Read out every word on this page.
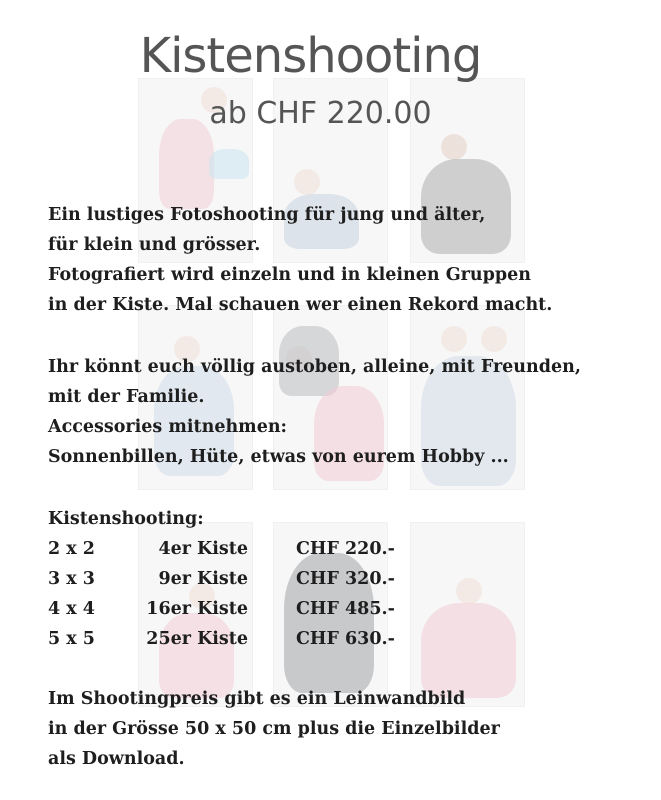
Kistenshooting
ab CHF 220.00
Ein lustiges Fotoshooting für jung und älter,
für klein und grösser.
Fotografiert wird einzeln und in kleinen Gruppen
in der Kiste. Mal schauen wer einen Rekord macht.
Ihr könnt euch völlig austoben, alleine, mit Freunden,
mit der Familie.
Accessories mitnehmen:
Sonnenbillen, Hüte, etwas von eurem Hobby ...
Kistenshooting:
2 x 2	4er Kiste	CHF 220.-
3 x 3	9er Kiste	CHF 320.-
4 x 4	16er Kiste	CHF 485.-
5 x 5	25er Kiste	CHF 630.-
Im Shootingpreis gibt es ein Leinwandbild
in der Grösse 50 x 50 cm plus die Einzelbilder
als Download.
